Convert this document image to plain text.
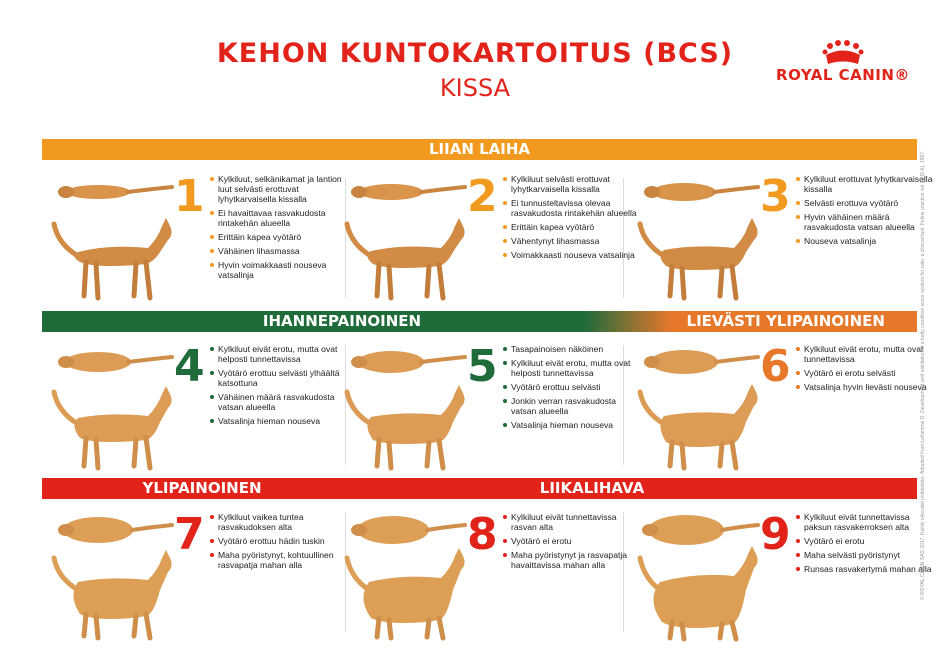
KEHON KUNTOKARTOITUS (BCS)
KISSA	ROYAL CANIN®
LIIAN LAIHA
IHANNEPAINOINEN	LIEVÄSTI YLIPAINOINEN
YLIPAINOINEN	LIIKALIHAVA
1	Kylkiluut, selkänikamat ja lantion luut selvästi erottuvat lyhytkarvaisella kissalla
Ei havaittavaa rasvakudosta rintakehän alueella
Erittäin kapea vyötärö
Vähäinen lihasmassa
Hyvin voimakkaasti nouseva vatsalinja
2	Kylkiluut selvästi erottuvat lyhytkarvaisella kissalla
Ei tunnusteltavissa olevaa rasvakudosta rintakehän alueella
Erittäin kapea vyötärö
Vähentynyt lihasmassa
Voimakkaasti nouseva vatsalinja
3	Kylkiluut erottuvat lyhytkarvaisella kissalla
Selvästi erottuva vyötärö
Hyvin vähäinen määrä rasvakudosta vatsan alueella
Nouseva vatsalinja
4	Kylkiluut eivät erotu, mutta ovat helposti tunnettavissa
Vyötärö erottuu selvästi ylhäältä katsottuna
Vähäinen määrä rasvakudosta vatsan alueella
Vatsalinja hieman nouseva
5	Tasapainoisen näköinen
Kylkiluut eivät erotu, mutta ovat helposti tunnettavissa
Vyötärö erottuu selvästi
Jonkin verran rasvakudosta vatsan alueella
Vatsalinja hieman nouseva
6	Kylkiluut eivät erotu, mutta ovat tunnettavissa
Vyötärö ei erotu selvästi
Vatsalinja hyvin lievästi nouseva
7	Kylkiluut vaikea tuntea rasvakudoksen alta
Vyötärö erottuu hädin tuskin
Maha pyöristynyt, kohtuullinen rasvapatja mahan alla
8	Kylkiluut eivät tunnettavissa rasvan alta
Vyötärö ei erotu
Maha pyöristynyt ja rasvapatja havaittavissa mahan alla
9	Kylkiluut eivät tunnettavissa paksun rasvakerroksen alta
Vyötärö ei erotu
Maha selvästi pyöristynyt
Runsas rasvakertymä mahan alla
© ROYAL CANIN SAS 2017. Kaikki oikeudet pidätetään. Adapted from Laflamme D. Development and validation of a body condition score system for cats: a clinical tool. Feline practice vol 25 (5-6), 1997.
